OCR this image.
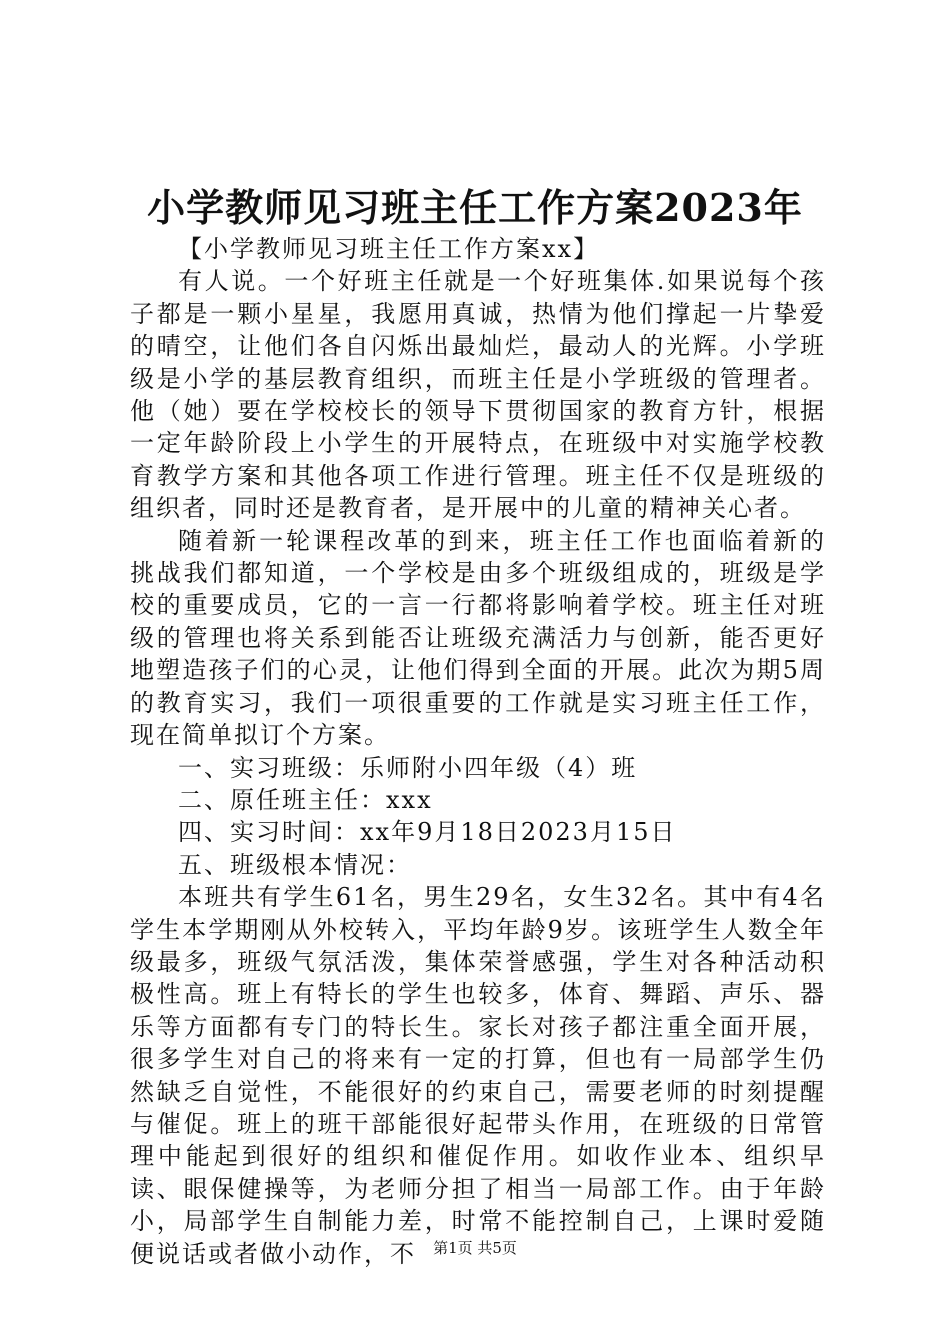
小学教师见习班主任工作方案2023年

【小学教师见习班主任工作方案xx】

有人说。一个好班主任就是一个好班集体.如果说每个孩子都是一颗小星星，我愿用真诚，热情为他们撑起一片挚爱的晴空，让他们各自闪烁出最灿烂，最动人的光辉。小学班级是小学的基层教育组织，而班主任是小学班级的管理者。他（她）要在学校校长的领导下贯彻国家的教育方针，根据一定年龄阶段上小学生的开展特点，在班级中对实施学校教育教学方案和其他各项工作进行管理。班主任不仅是班级的组织者，同时还是教育者，是开展中的儿童的精神关心者。

随着新一轮课程改革的到来，班主任工作也面临着新的挑战我们都知道，一个学校是由多个班级组成的，班级是学校的重要成员，它的一言一行都将影响着学校。班主任对班级的管理也将关系到能否让班级充满活力与创新，能否更好地塑造孩子们的心灵，让他们得到全面的开展。此次为期5周的教育实习，我们一项很重要的工作就是实习班主任工作，现在简单拟订个方案。

一、实习班级：乐师附小四年级（4）班

二、原任班主任：xxx

四、实习时间：xx年9月18日2023月15日

五、班级根本情况：

本班共有学生61名，男生29名，女生32名。其中有4名学生本学期刚从外校转入，平均年龄9岁。该班学生人数全年级最多，班级气氛活泼，集体荣誉感强，学生对各种活动积极性高。班上有特长的学生也较多，体育、舞蹈、声乐、器乐等方面都有专门的特长生。家长对孩子都注重全面开展，很多学生对自己的将来有一定的打算，但也有一局部学生仍然缺乏自觉性，不能很好的约束自己，需要老师的时刻提醒与催促。班上的班干部能很好起带头作用，在班级的日常管理中能起到很好的组织和催促作用。如收作业本、组织早读、眼保健操等，为老师分担了相当一局部工作。由于年龄小，局部学生自制能力差，时常不能控制自己，上课时爱随便说话或者做小动作，不	第1页 共5页
